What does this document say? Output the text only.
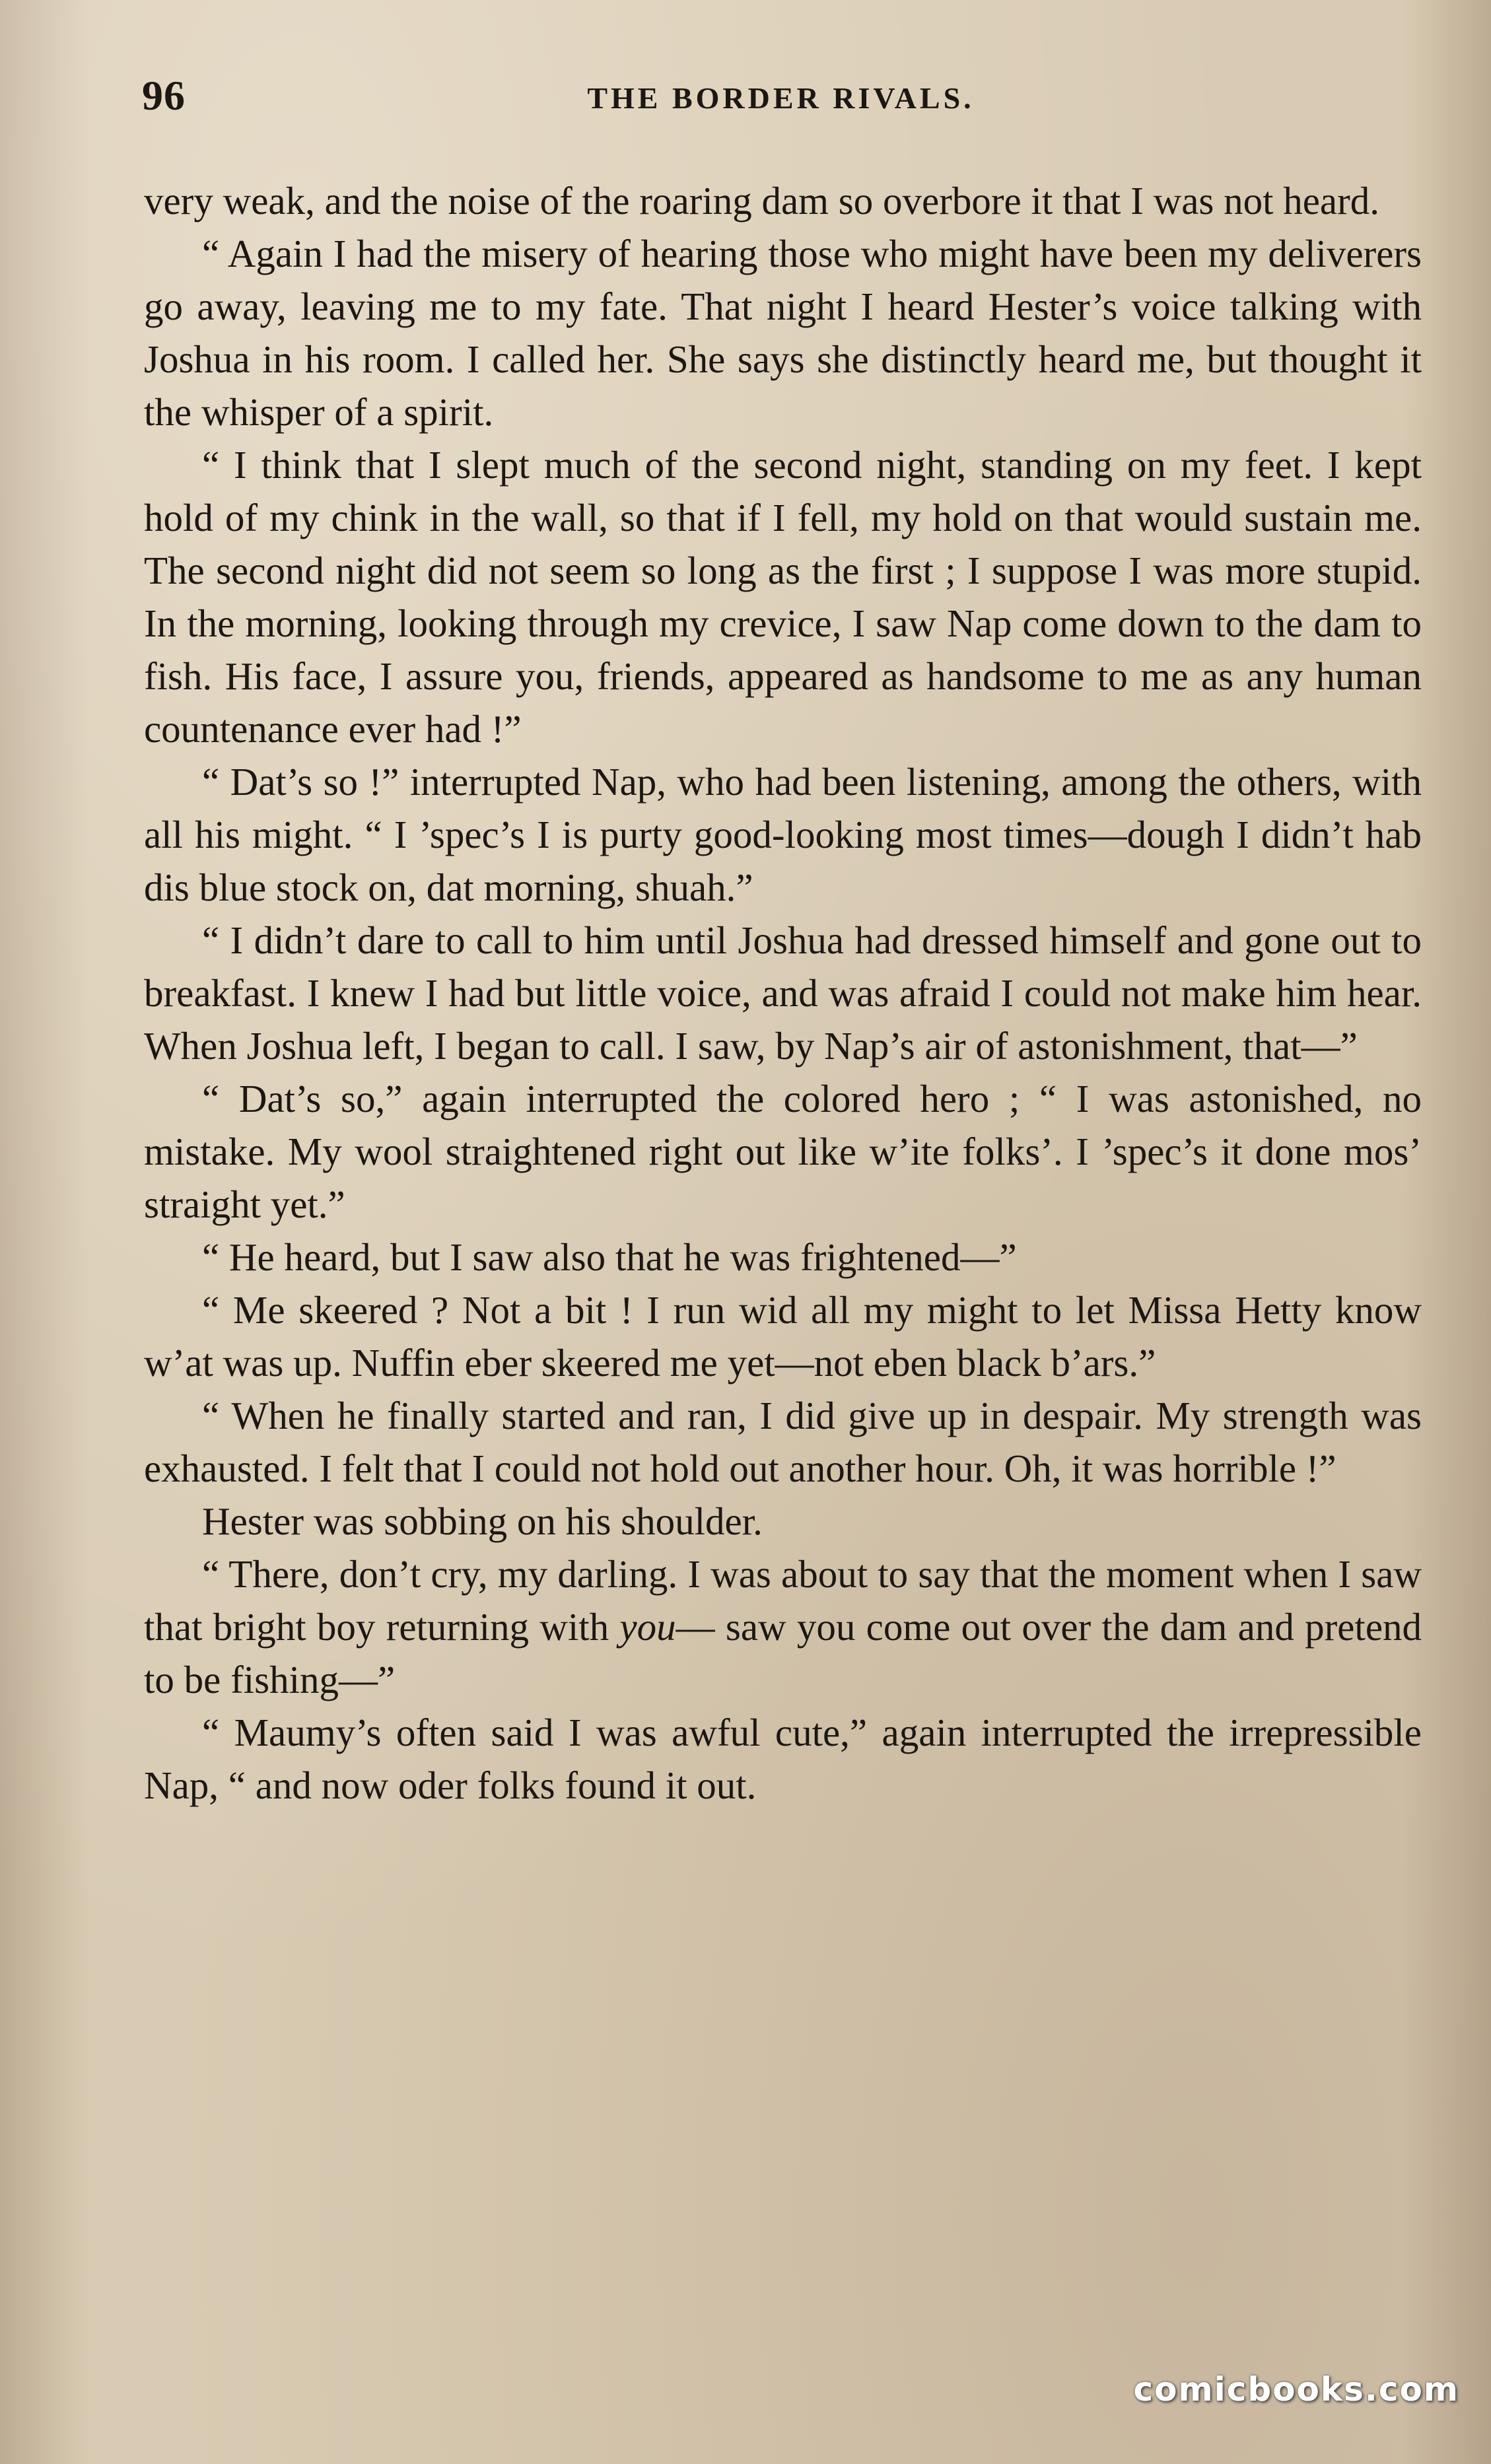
96	THE BORDER RIVALS.

very weak, and the noise of the roaring dam so overbore it that I was not heard.

“ Again I had the misery of hearing those who might have been my deliverers go away, leaving me to my fate. That night I heard Hester’s voice talking with Joshua in his room. I called her. She says she distinctly heard me, but thought it the whisper of a spirit.

“ I think that I slept much of the second night, standing on my feet. I kept hold of my chink in the wall, so that if I fell, my hold on that would sustain me. The second night did not seem so long as the first ; I suppose I was more stupid. In the morning, looking through my crevice, I saw Nap come down to the dam to fish. His face, I assure you, friends, appeared as handsome to me as any human countenance ever had !”

“ Dat’s so !” interrupted Nap, who had been listening, among the others, with all his might. “ I ’spec’s I is purty good-looking most times—dough I didn’t hab dis blue stock on, dat morning, shuah.”

“ I didn’t dare to call to him until Joshua had dressed himself and gone out to breakfast. I knew I had but little voice, and was afraid I could not make him hear. When Joshua left, I began to call. I saw, by Nap’s air of astonishment, that—”

“ Dat’s so,” again interrupted the colored hero ; “ I was astonished, no mistake. My wool straightened right out like w’ite folks’. I ’spec’s it done mos’ straight yet.”

“ He heard, but I saw also that he was frightened—”

“ Me skeered ? Not a bit ! I run wid all my might to let Missa Hetty know w’at was up. Nuffin eber skeered me yet—not eben black b’ars.”

“ When he finally started and ran, I did give up in despair. My strength was exhausted. I felt that I could not hold out another hour. Oh, it was horrible !”

Hester was sobbing on his shoulder.

“ There, don’t cry, my darling. I was about to say that the moment when I saw that bright boy returning with you— saw you come out over the dam and pretend to be fishing—”

“ Maumy’s often said I was awful cute,” again interrupted the irrepressible Nap, “ and now oder folks found it out.

comicbooks.com
